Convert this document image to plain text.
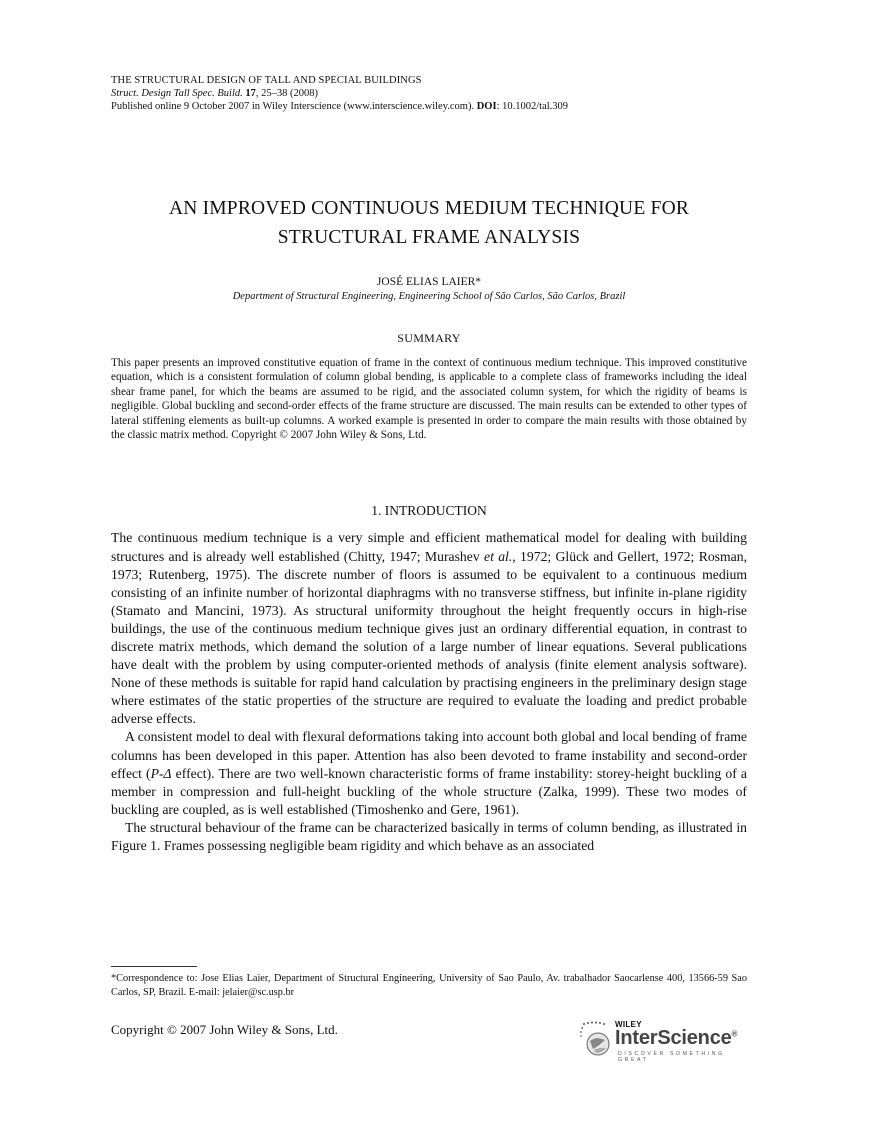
THE STRUCTURAL DESIGN OF TALL AND SPECIAL BUILDINGS
Struct. Design Tall Spec. Build. 17, 25–38 (2008)
Published online 9 October 2007 in Wiley Interscience (www.interscience.wiley.com). DOI: 10.1002/tal.309
AN IMPROVED CONTINUOUS MEDIUM TECHNIQUE FOR
STRUCTURAL FRAME ANALYSIS
JOSÉ ELIAS LAIER*
Department of Structural Engineering, Engineering School of São Carlos, São Carlos, Brazil
SUMMARY

This paper presents an improved constitutive equation of frame in the context of continuous medium technique. This improved constitutive equation, which is a consistent formulation of column global bending, is applicable to a complete class of frameworks including the ideal shear frame panel, for which the beams are assumed to be rigid, and the associated column system, for which the rigidity of beams is negligible. Global buckling and second-order effects of the frame structure are discussed. The main results can be extended to other types of lateral stiffening elements as built-up columns. A worked example is presented in order to compare the main results with those obtained by the classic matrix method. Copyright © 2007 John Wiley & Sons, Ltd.

1. INTRODUCTION

The continuous medium technique is a very simple and efficient mathematical model for dealing with building structures and is already well established (Chitty, 1947; Murashev et al., 1972; Glück and Gellert, 1972; Rosman, 1973; Rutenberg, 1975). The discrete number of floors is assumed to be equivalent to a continuous medium consisting of an infinite number of horizontal diaphragms with no transverse stiffness, but infinite in-plane rigidity (Stamato and Mancini, 1973). As structural uniformity throughout the height frequently occurs in high-rise buildings, the use of the continuous medium technique gives just an ordinary differential equation, in contrast to discrete matrix methods, which demand the solution of a large number of linear equations. Several publications have dealt with the problem by using computer-oriented methods of analysis (finite element analysis software). None of these methods is suitable for rapid hand calculation by practising engineers in the preliminary design stage where estimates of the static properties of the structure are required to evaluate the loading and predict probable adverse effects.

A consistent model to deal with flexural deformations taking into account both global and local bending of frame columns has been developed in this paper. Attention has also been devoted to frame instability and second-order effect (P-Δ effect). There are two well-known characteristic forms of frame instability: storey-height buckling of a member in compression and full-height buckling of the whole structure (Zalka, 1999). These two modes of buckling are coupled, as is well established (Timoshenko and Gere, 1961).

The structural behaviour of the frame can be characterized basically in terms of column bending, as illustrated in Figure 1. Frames possessing negligible beam rigidity and which behave as an associated

*Correspondence to: Jose Elias Laier, Department of Structural Engineering, University of Sao Paulo, Av. trabalhador Saocarlense 400, 13566-59 Sao Carlos, SP, Brazil. E-mail: jelaier@sc.usp.br
Copyright © 2007 John Wiley & Sons, Ltd.	WILEY
InterScience®
DISCOVER SOMETHING GREAT
